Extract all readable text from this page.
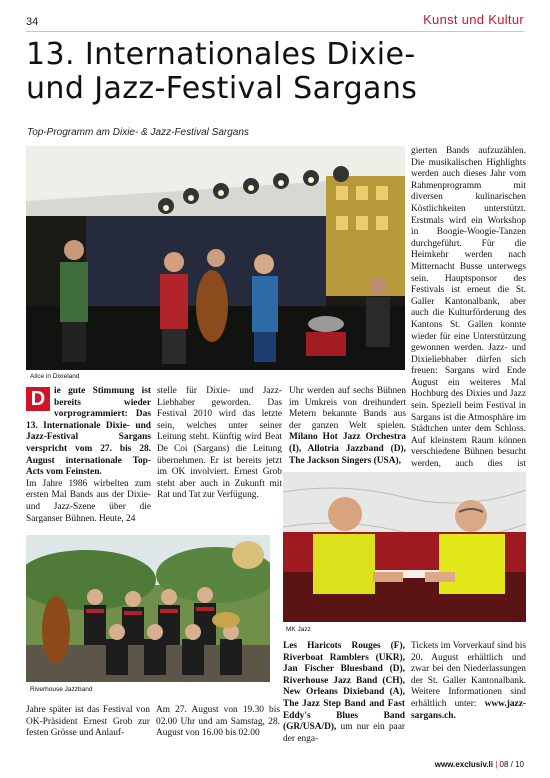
34	Kunst und Kultur
13. Internationales Dixie-
und Jazz-Festival Sargans
Top-Programm am Dixie- & Jazz-Festival Sargans
Alice in Dixieland
D ie gute Stimmung ist bereits wieder vorprogrammiert: Das 13. Internationale Dixie- und Jazz-Festival Sargans verspricht vom 27. bis 28. August internationale Top-Acts vom Feinsten.

Im Jahre 1986 wirbelten zum ersten Mal Bands aus der Dixie- und Jazz-Szene über die Sarganser Bühnen. Heute, 24

stelle für Dixie- und Jazz-Liebhaber geworden. Das Festival 2010 wird das letzte sein, welches unter seiner Leitung steht. Künftig wird Beat De Coi (Sargans) die Leitung übernehmen. Er ist bereits jetzt im OK involviert. Ernest Grob steht aber auch in Zukunft mit Rat und Tat zur Verfügung.

Uhr werden auf sechs Bühnen im Umkreis von dreihundert Metern bekannte Bands aus der ganzen Welt spielen. Milano Hot Jazz Orchestra (I), Allotria Jazzband (D), The Jackson Singers (USA),

gierten Bands aufzuzählen. Die musikalischen Highlights werden auch dieses Jahr vom Rahmenprogramm mit diversen kulinarischen Köstlichkeiten unterstützt. Erstmals wird ein Workshop in Boogie-Woogie-Tanzen durchgeführt. Für die Heimkehr werden nach Mitternacht Busse unterwegs sein. Hauptsponsor des Festivals ist erneut die St. Galler Kantonalbank, aber auch die Kulturförderung des Kantons St. Gallen konnte wieder für eine Unterstützung gewonnen werden. Jazz- und Dixieliebhaber dürfen sich freuen: Sargans wird Ende August ein weiteres Mal Hochburg des Dixies und Jazz sein. Speziell beim Festival in Sargans ist die Atmosphäre im Städtchen unter dem Schloss. Auf kleinstem Raum können verschiedene Bühnen besucht werden, auch dies ist

Riverhouse Jazzband
MK Jazz

Jahre später ist das Festival von OK-Präsident Ernest Grob zur festen Grösse und Anlauf-

Am 27. August von 19.30 bis 02.00 Uhr und am Samstag, 28. August von 16.00 bis 02.00

Les Haricots Rouges (F), Riverboat Ramblers (UKR), Jan Fischer Bluesband (D), Riverhouse Jazz Band (CH), New Orleans Dixieband (A), The Jazz Step Band and Fast Eddy's Blues Band (GR/USA/D), um nur ein paar der enga-

Tickets im Vorverkauf sind bis 20. August erhältlich und zwar bei den Niederlassungen der St. Galler Kantonalbank. Weitere Informationen sind erhältlich unter: www.jazz-sargans.ch.

www.exclusiv.li | 08 / 10
